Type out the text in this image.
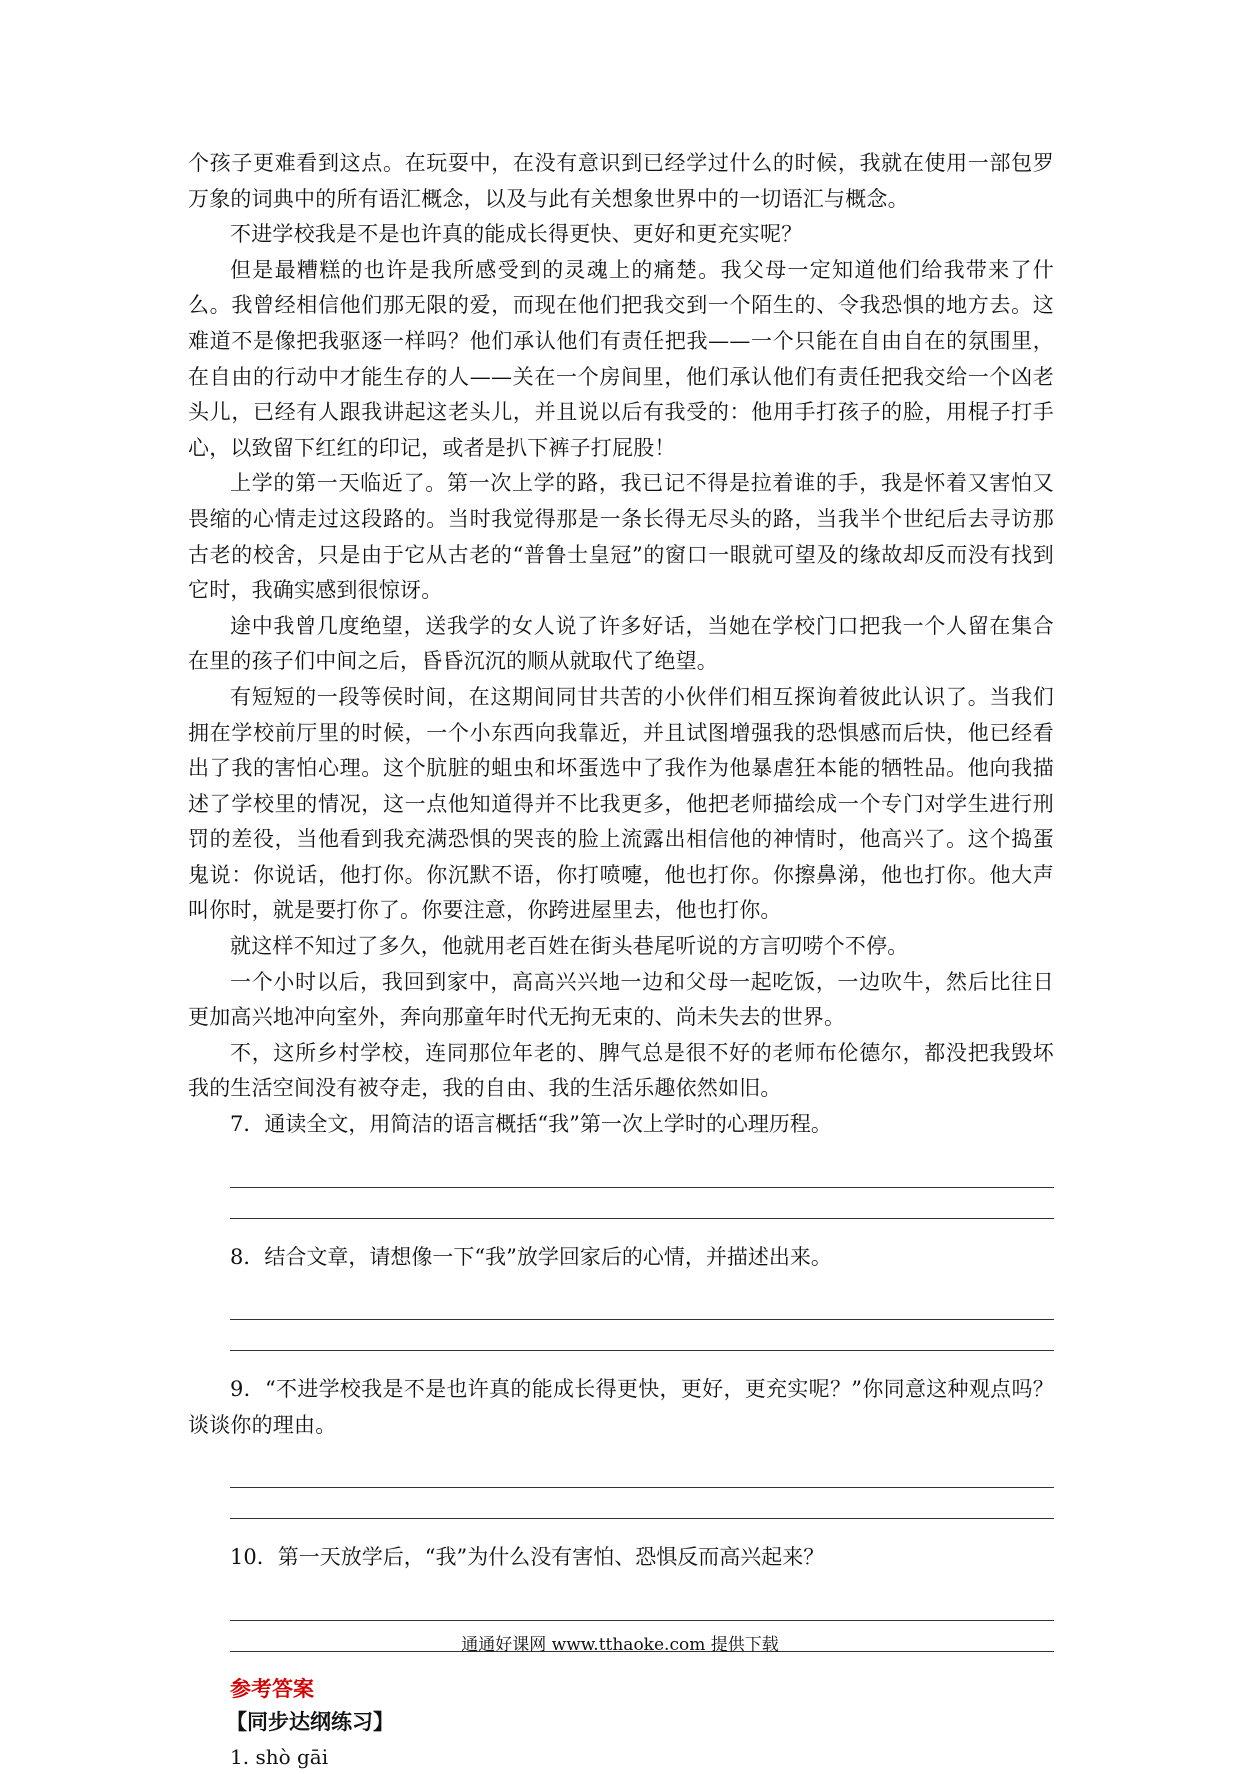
个孩子更难看到这点。在玩耍中，在没有意识到已经学过什么的时候，我就在使用一部包罗万象的词典中的所有语汇概念，以及与此有关想象世界中的一切语汇与概念。

不进学校我是不是也许真的能成长得更快、更好和更充实呢？

但是最糟糕的也许是我所感受到的灵魂上的痛楚。我父母一定知道他们给我带来了什么。我曾经相信他们那无限的爱，而现在他们把我交到一个陌生的、令我恐惧的地方去。这难道不是像把我驱逐一样吗？他们承认他们有责任把我——一个只能在自由自在的氛围里，在自由的行动中才能生存的人——关在一个房间里，他们承认他们有责任把我交给一个凶老头儿，已经有人跟我讲起这老头儿，并且说以后有我受的：他用手打孩子的脸，用棍子打手心，以致留下红红的印记，或者是扒下裤子打屁股！

上学的第一天临近了。第一次上学的路，我已记不得是拉着谁的手，我是怀着又害怕又畏缩的心情走过这段路的。当时我觉得那是一条长得无尽头的路，当我半个世纪后去寻访那古老的校舍，只是由于它从古老的“普鲁士皇冠”的窗口一眼就可望及的缘故却反而没有找到它时，我确实感到很惊讶。

途中我曾几度绝望，送我学的女人说了许多好话，当她在学校门口把我一个人留在集合在里的孩子们中间之后，昏昏沉沉的顺从就取代了绝望。

有短短的一段等侯时间，在这期间同甘共苦的小伙伴们相互探询着彼此认识了。当我们拥在学校前厅里的时候，一个小东西向我靠近，并且试图增强我的恐惧感而后快，他已经看出了我的害怕心理。这个肮脏的蛆虫和坏蛋选中了我作为他暴虐狂本能的牺牲品。他向我描述了学校里的情况，这一点他知道得并不比我更多，他把老师描绘成一个专门对学生进行刑罚的差役，当他看到我充满恐惧的哭丧的脸上流露出相信他的神情时，他高兴了。这个捣蛋鬼说：你说话，他打你。你沉默不语，你打喷嚏，他也打你。你擦鼻涕，他也打你。他大声叫你时，就是要打你了。你要注意，你跨进屋里去，他也打你。

就这样不知过了多久，他就用老百姓在街头巷尾听说的方言叨唠个不停。

一个小时以后，我回到家中，高高兴兴地一边和父母一起吃饭，一边吹牛，然后比往日更加高兴地冲向室外，奔向那童年时代无拘无束的、尚未失去的世界。

不，这所乡村学校，连同那位年老的、脾气总是很不好的老师布伦德尔，都没把我毁坏我的生活空间没有被夺走，我的自由、我的生活乐趣依然如旧。

7．通读全文，用简洁的语言概括“我”第一次上学时的心理历程。

8．结合文章，请想像一下“我”放学回家后的心情，并描述出来。

9．“不进学校我是不是也许真的能成长得更快，更好，更充实呢？”你同意这种观点吗？谈谈你的理由。

10．第一天放学后，“我”为什么没有害怕、恐惧反而高兴起来？

参考答案
【同步达纲练习】
1. shò gāi
通通好课网 www.tthaoke.com 提供下载
